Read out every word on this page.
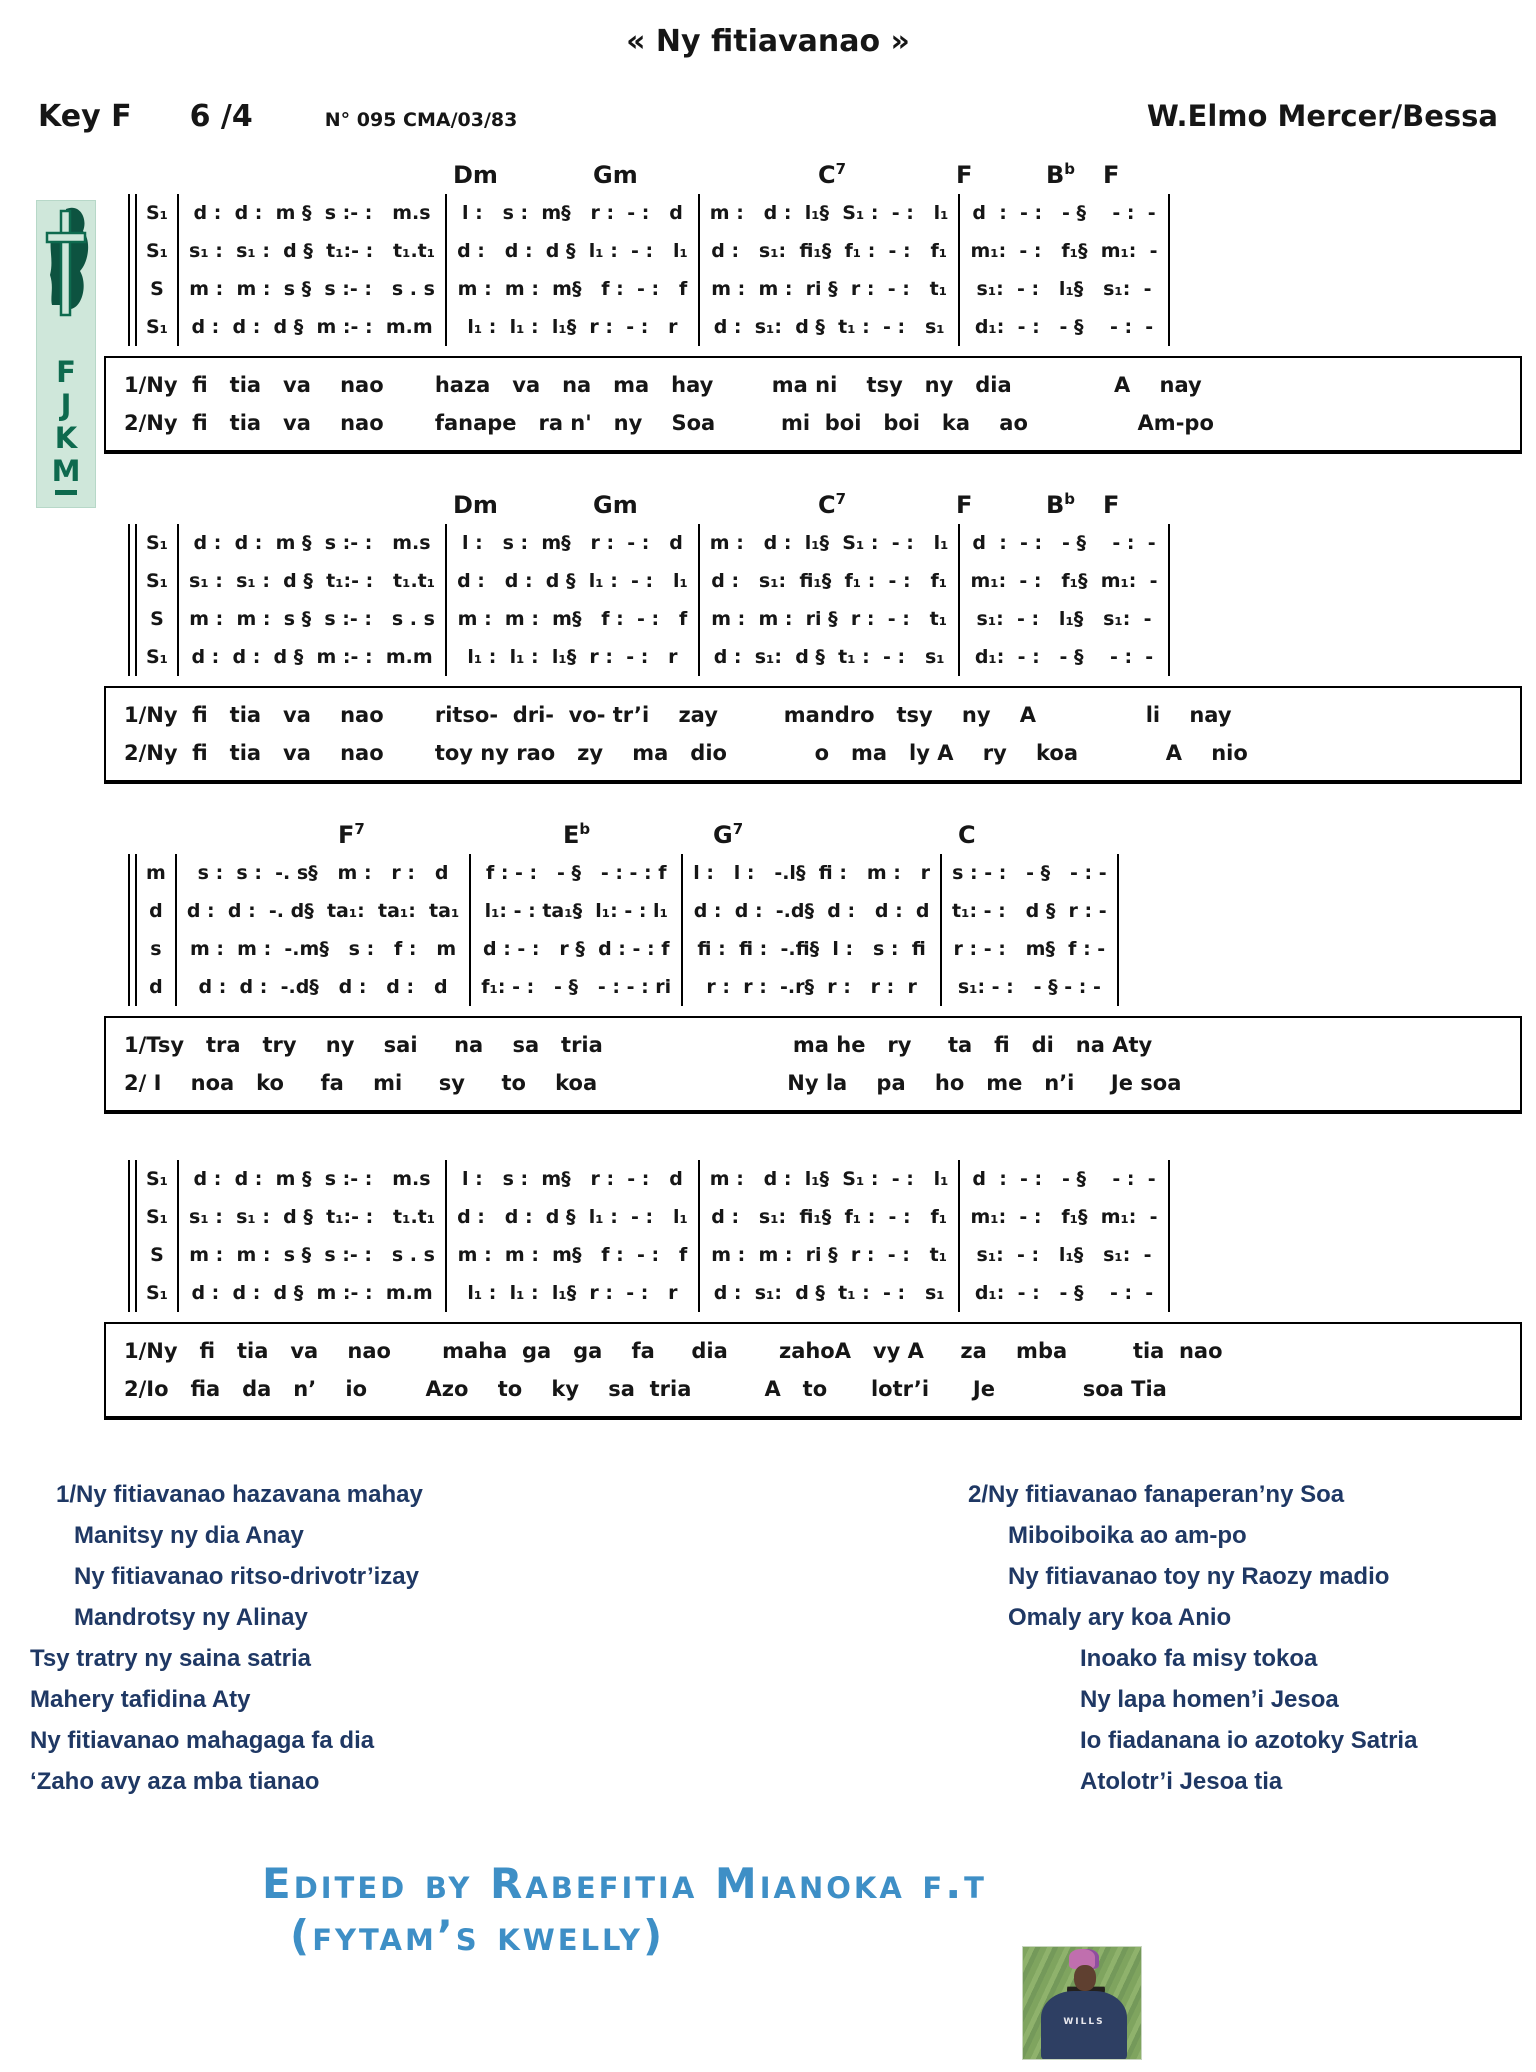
« Ny fitiavanao »
Key F 6 /4	N° 095 CMA/03/83	W.Elmo Mercer/Bessa
F
J
K
M
Dm	Gm	$C^7$	F	$B^b$ F
	S₁	d :  d :  m §  s :- :   m.s	l :   s :  m§   r :  - :   d	m :   d :  l₁§  S₁ :  - :   l₁	d  :  - :   - §    - :  -
	S₁	s₁ :  s₁ :  d §  t₁:- :   t₁.t₁	d :   d :  d §  l₁ :  - :   l₁	d :   s₁:  fi₁§  f₁ :  - :   f₁	m₁:  - :   f₁§  m₁:  -
	S	m :  m :  s §  s :- :   s . s	m :  m :  m§   f :  - :   f	m :  m :  ri §  r :  - :   t₁	s₁:  - :   l₁§   s₁:  -
	S₁	d :  d :  d §  m :- :  m.m	l₁ :  l₁ :  l₁§  r :  - :   r	d :  s₁:  d §  t₁ :  - :   s₁	d₁:  - :   - §    - :  -
1/Ny  fi   tia   va    nao       haza   va   na   ma   hay        ma ni    tsy   ny   dia              A    nay
2/Ny  fi   tia   va    nao       fanape   ra n'   ny    Soa         mi  boi   boi   ka    ao               Am-po
Dm	Gm	$C^7$	F	$B^b$ F
	S₁	d :  d :  m §  s :- :   m.s	l :   s :  m§   r :  - :   d	m :   d :  l₁§  S₁ :  - :   l₁	d  :  - :   - §    - :  -
	S₁	s₁ :  s₁ :  d §  t₁:- :   t₁.t₁	d :   d :  d §  l₁ :  - :   l₁	d :   s₁:  fi₁§  f₁ :  - :   f₁	m₁:  - :   f₁§  m₁:  -
	S	m :  m :  s §  s :- :   s . s	m :  m :  m§   f :  - :   f	m :  m :  ri §  r :  - :   t₁	s₁:  - :   l₁§   s₁:  -
	S₁	d :  d :  d §  m :- :  m.m	l₁ :  l₁ :  l₁§  r :  - :   r	d :  s₁:  d §  t₁ :  - :   s₁	d₁:  - :   - §    - :  -
1/Ny  fi   tia   va    nao       ritso-  dri-  vo- tr’i    zay         mandro   tsy    ny    A               li    nay
2/Ny  fi   tia   va    nao       toy ny rao   zy    ma   dio            o   ma   ly A    ry    koa            A    nio
$F^7$	$E^b$	$G^7$	C
	m	s :  s :  -. s§   m :   r :   d	f : - :   - §   - : - : f	l :   l :   -.l§  fi :   m :   r	s : - :   - §   - : -
	d	d :  d :  -. d§  ta₁:  ta₁:  ta₁	l₁: - : ta₁§  l₁: - : l₁	d :  d :  -.d§  d :   d :  d	t₁: - :   d §  r : -
	s	m :  m :  -.m§   s :   f :   m	d : - :   r §  d : - : f	fi :  fi :  -.fi§  l :   s :  fi	r : - :   m§  f : -
	d	d :  d :  -.d§   d :   d :   d	f₁: - :   - §   - : - : ri	r :  r :  -.r§  r :   r :  r	s₁: - :   - § - : -
1/Tsy   tra   try    ny    sai     na    sa   tria                          ma he   ry     ta   fi   di   na Aty
2/ I    noa   ko     fa    mi     sy     to    koa                          Ny la    pa    ho   me   n’i     Je soa
	S₁	d :  d :  m §  s :- :   m.s	l :   s :  m§   r :  - :   d	m :   d :  l₁§  S₁ :  - :   l₁	d  :  - :   - §    - :  -
	S₁	s₁ :  s₁ :  d §  t₁:- :   t₁.t₁	d :   d :  d §  l₁ :  - :   l₁	d :   s₁:  fi₁§  f₁ :  - :   f₁	m₁:  - :   f₁§  m₁:  -
	S	m :  m :  s §  s :- :   s . s	m :  m :  m§   f :  - :   f	m :  m :  ri §  r :  - :   t₁	s₁:  - :   l₁§   s₁:  -
	S₁	d :  d :  d §  m :- :  m.m	l₁ :  l₁ :  l₁§  r :  - :   r	d :  s₁:  d §  t₁ :  - :   s₁	d₁:  - :   - §    - :  -
1/Ny   fi   tia   va    nao       maha  ga   ga    fa     dia       zahoA   vy A     za    mba         tia  nao
2/Io   fia   da   n’    io        Azo    to    ky    sa  tria          A   to      lotr’i      Je            soa Tia
1/Ny fitiavanao hazavana mahay
Manitsy ny dia Anay
Ny fitiavanao ritso-drivotr’izay
Mandrotsy ny Alinay
Tsy tratry ny saina satria
Mahery tafidina Aty
Ny fitiavanao mahagaga fa dia
‘Zaho avy aza mba tianao
2/Ny fitiavanao fanaperan’ny Soa
Miboiboika ao am-po
Ny fitiavanao toy ny Raozy madio
Omaly ary koa Anio
Inoako fa misy tokoa
Ny lapa homen’i Jesoa
Io fiadanana io azotoky Satria
Atolotr’i Jesoa tia
Edited by Rabefitia Mianoka f.t
(fytam’s kwelly)
WILLS
